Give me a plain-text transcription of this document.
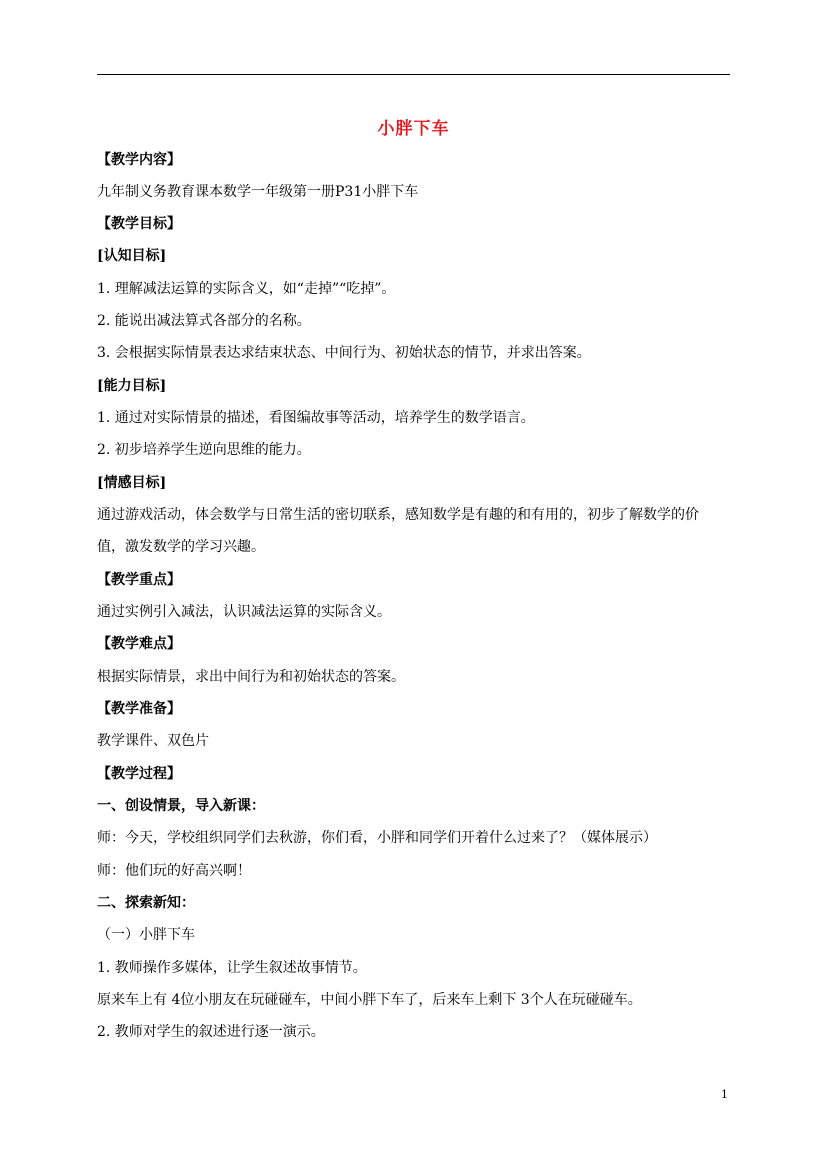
小胖下车
【教学内容】
九年制义务教育课本数学一年级第一册P31小胖下车
【教学目标】
[认知目标]
1. 理解减法运算的实际含义，如“走掉”“吃掉”。
2. 能说出减法算式各部分的名称。
3. 会根据实际情景表达求结束状态、中间行为、初始状态的情节，并求出答案。
[能力目标]
1. 通过对实际情景的描述，看图编故事等活动，培养学生的数学语言。
2. 初步培养学生逆向思维的能力。
[情感目标]
通过游戏活动，体会数学与日常生活的密切联系，感知数学是有趣的和有用的，初步了解数学的价
值，激发数学的学习兴趣。
【教学重点】
通过实例引入减法，认识减法运算的实际含义。
【教学难点】
根据实际情景，求出中间行为和初始状态的答案。
【教学准备】
教学课件、双色片
【教学过程】
一、创设情景，导入新课：
师：今天，学校组织同学们去秋游，你们看，小胖和同学们开着什么过来了？（媒体展示）
师：他们玩的好高兴啊！
二、探索新知：
（一）小胖下车
1. 教师操作多媒体，让学生叙述故事情节。
原来车上有 4位小朋友在玩碰碰车，中间小胖下车了，后来车上剩下 3个人在玩碰碰车。
2. 教师对学生的叙述进行逐一演示。
1
